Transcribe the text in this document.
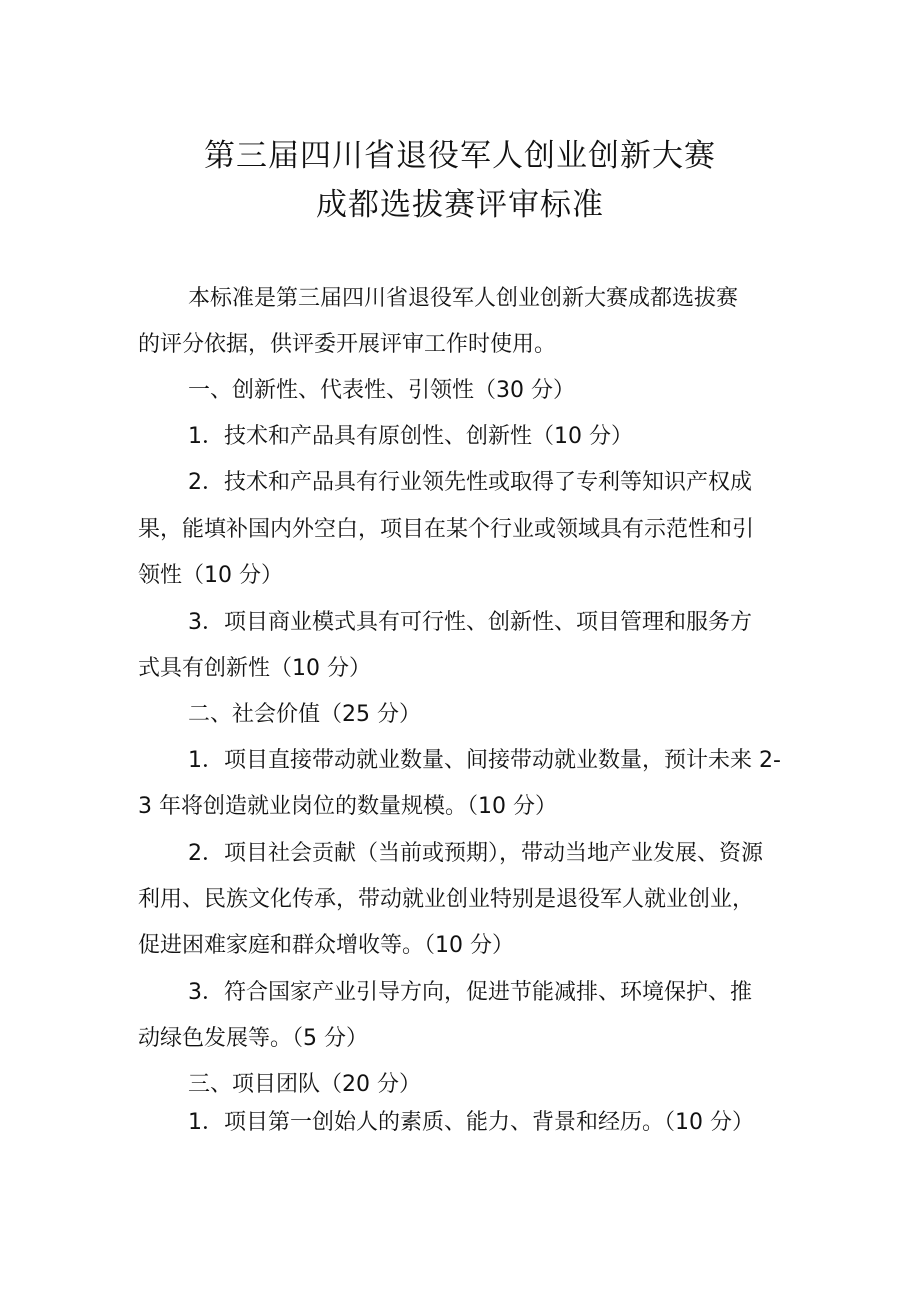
第三届四川省退役军人创业创新大赛
成都选拔赛评审标准
本标准是第三届四川省退役军人创业创新大赛成都选拔赛
的评分依据，供评委开展评审工作时使用。
一、创新性、代表性、引领性（30 分）
1．技术和产品具有原创性、创新性（10 分）
2．技术和产品具有行业领先性或取得了专利等知识产权成
果，能填补国内外空白，项目在某个行业或领域具有示范性和引
领性（10 分）
3．项目商业模式具有可行性、创新性、项目管理和服务方
式具有创新性（10 分）
二、社会价值（25 分）
1．项目直接带动就业数量、间接带动就业数量，预计未来 2-
3 年将创造就业岗位的数量规模。（10 分）
2．项目社会贡献（当前或预期），带动当地产业发展、资源
利用、民族文化传承，带动就业创业特别是退役军人就业创业，
促进困难家庭和群众增收等。（10 分）
3．符合国家产业引导方向，促进节能减排、环境保护、推
动绿色发展等。（5 分）
三、项目团队（20 分）
1．项目第一创始人的素质、能力、背景和经历。（10 分）
